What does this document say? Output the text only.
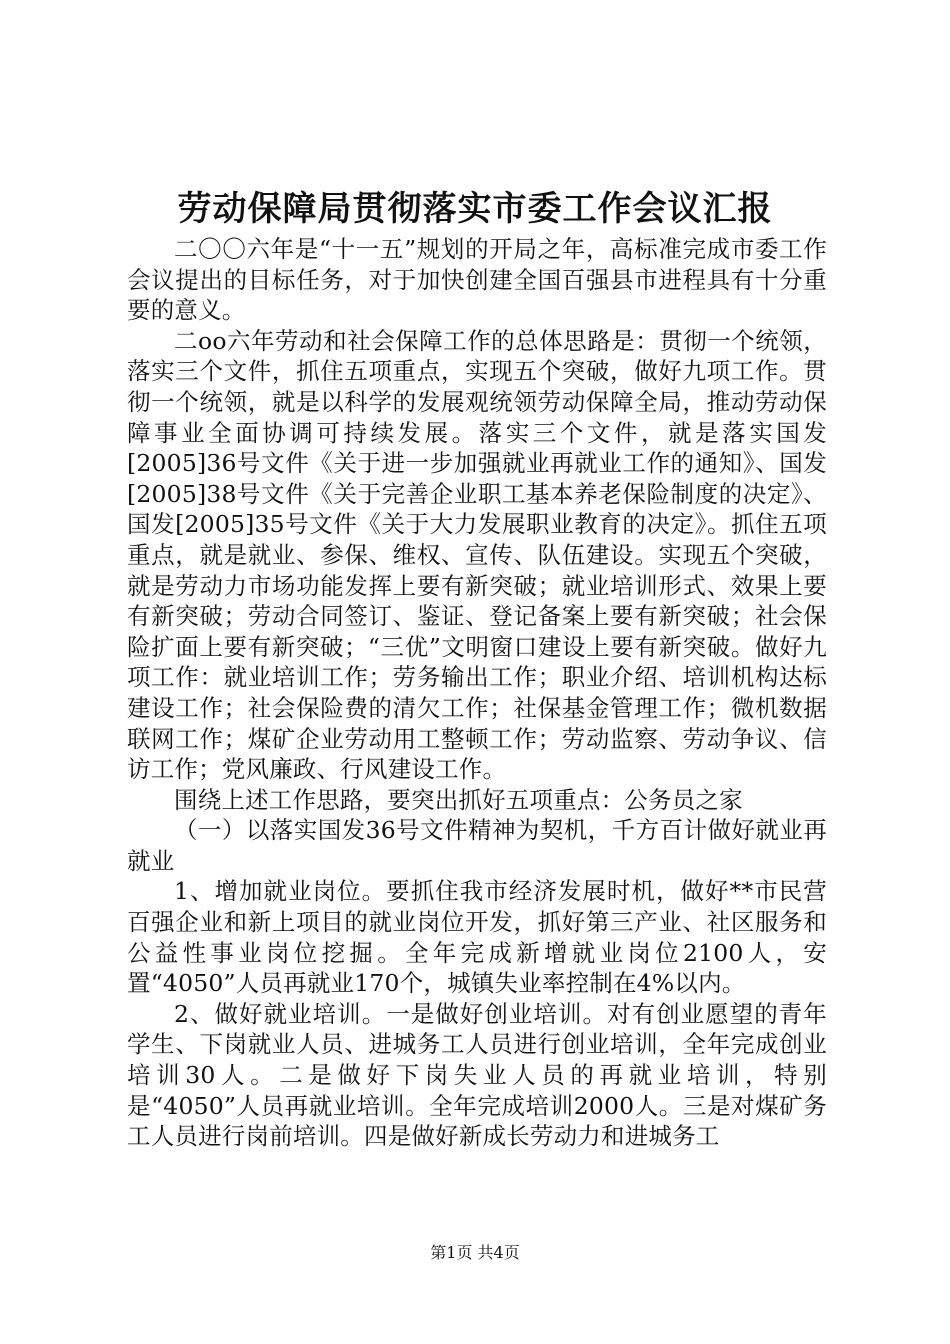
劳动保障局贯彻落实市委工作会议汇报

二〇〇六年是“十一五”规划的开局之年，高标准完成市委工作会议提出的目标任务，对于加快创建全国百强县市进程具有十分重要的意义。

二oo六年劳动和社会保障工作的总体思路是：贯彻一个统领，落实三个文件，抓住五项重点，实现五个突破，做好九项工作。贯彻一个统领，就是以科学的发展观统领劳动保障全局，推动劳动保障事业全面协调可持续发展。落实三个文件，就是落实国发[2005]36号文件《关于进一步加强就业再就业工作的通知》、国发[2005]38号文件《关于完善企业职工基本养老保险制度的决定》、国发[2005]35号文件《关于大力发展职业教育的决定》。抓住五项重点，就是就业、参保、维权、宣传、队伍建设。实现五个突破，就是劳动力市场功能发挥上要有新突破；就业培训形式、效果上要有新突破；劳动合同签订、鉴证、登记备案上要有新突破；社会保险扩面上要有新突破；“三优”文明窗口建设上要有新突破。做好九项工作：就业培训工作；劳务输出工作；职业介绍、培训机构达标建设工作；社会保险费的清欠工作；社保基金管理工作；微机数据联网工作；煤矿企业劳动用工整顿工作；劳动监察、劳动争议、信访工作；党风廉政、行风建设工作。

围绕上述工作思路，要突出抓好五项重点：公务员之家

（一）以落实国发36号文件精神为契机，千方百计做好就业再就业

1、增加就业岗位。要抓住我市经济发展时机，做好**市民营百强企业和新上项目的就业岗位开发，抓好第三产业、社区服务和公益性事业岗位挖掘。全年完成新增就业岗位2100人，安置“4050”人员再就业170个，城镇失业率控制在4%以内。

2、做好就业培训。一是做好创业培训。对有创业愿望的青年学生、下岗就业人员、进城务工人员进行创业培训，全年完成创业培训30人。二是做好下岗失业人员的再就业培训，特别是“4050”人员再就业培训。全年完成培训2000人。三是对煤矿务工人员进行岗前培训。四是做好新成长劳动力和进城务工

第1页 共4页
